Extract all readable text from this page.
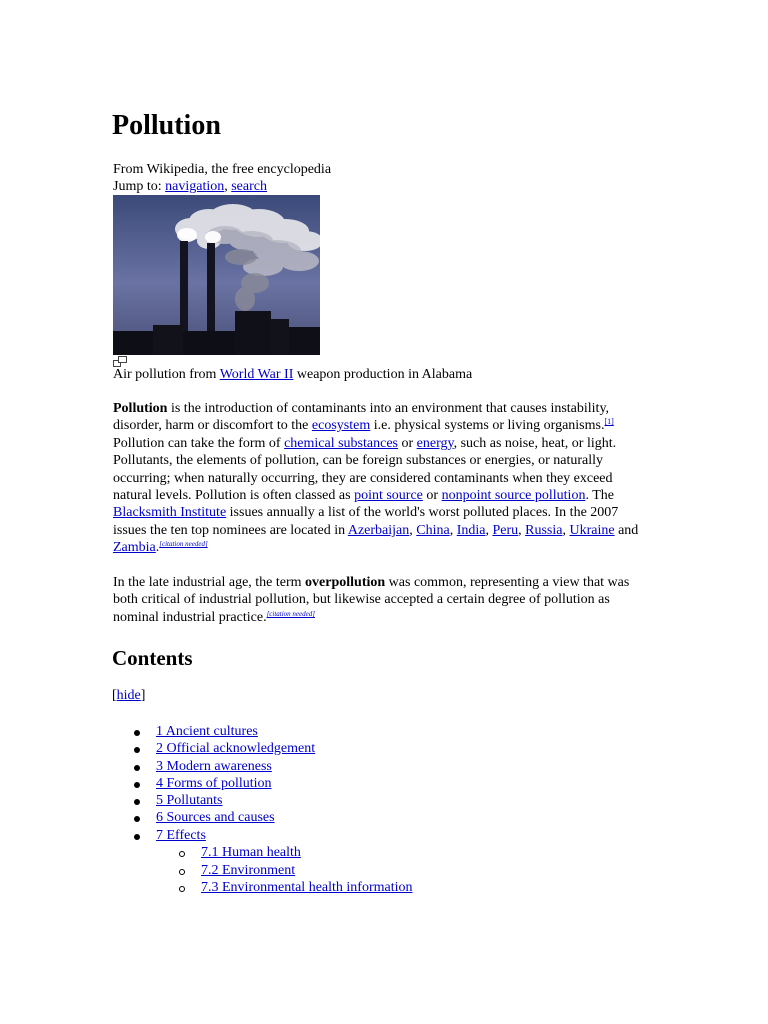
Pollution
From Wikipedia, the free encyclopedia
Jump to: navigation, search
Air pollution from World War II weapon production in Alabama

Pollution is the introduction of contaminants into an environment that causes instability, disorder, harm or discomfort to the ecosystem i.e. physical systems or living organisms.[1] Pollution can take the form of chemical substances or energy, such as noise, heat, or light. Pollutants, the elements of pollution, can be foreign substances or energies, or naturally occurring; when naturally occurring, they are considered contaminants when they exceed natural levels. Pollution is often classed as point source or nonpoint source pollution. The Blacksmith Institute issues annually a list of the world's worst polluted places. In the 2007 issues the ten top nominees are located in Azerbaijan, China, India, Peru, Russia, Ukraine and Zambia.[citation needed]

In the late industrial age, the term overpollution was common, representing a view that was both critical of industrial pollution, but likewise accepted a certain degree of pollution as nominal industrial practice.[citation needed]

Contents
[hide]
1 Ancient cultures
2 Official acknowledgement
3 Modern awareness
4 Forms of pollution
5 Pollutants
6 Sources and causes
7 Effects
7.1 Human health
7.2 Environment
7.3 Environmental health information
